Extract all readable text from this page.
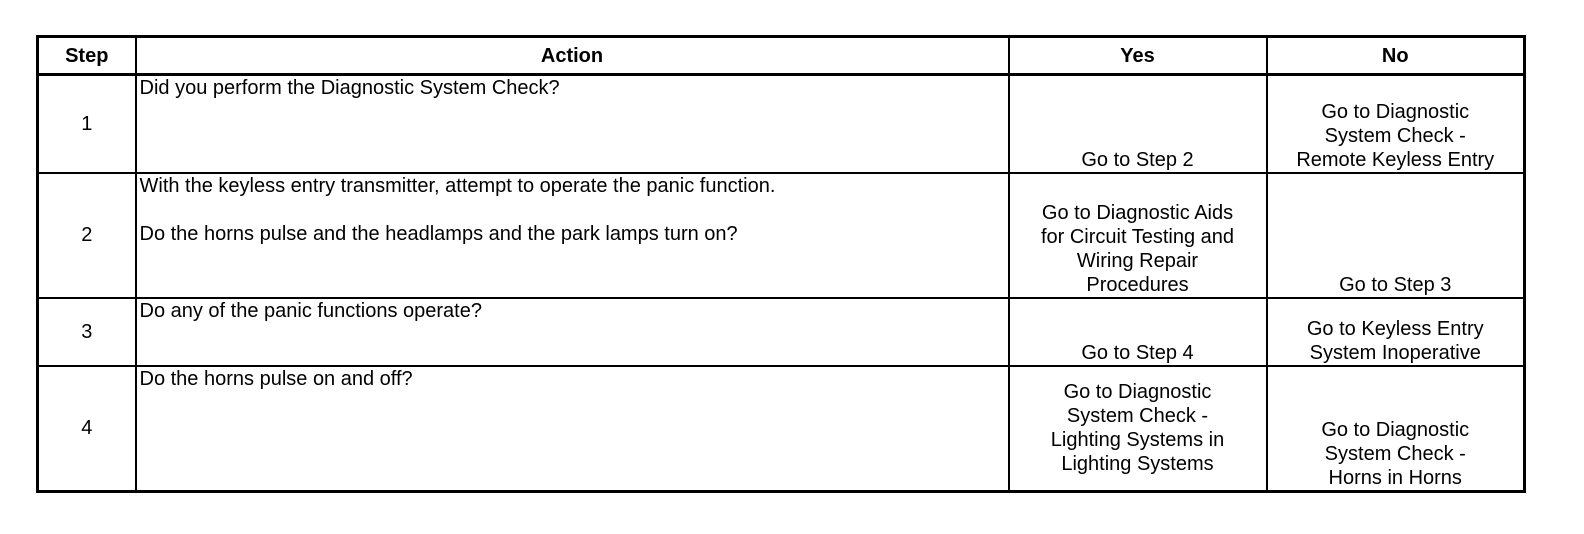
Step	Action	Yes	No
1	Did you perform the Diagnostic System Check?	Go to Step 2	Go to Diagnostic
System Check -
Remote Keyless Entry
2	With the keyless entry transmitter, attempt to operate the panic function.
Do the horns pulse and the headlamps and the park lamps turn on?	Go to Diagnostic Aids
for Circuit Testing and
Wiring Repair
Procedures	Go to Step 3
3	Do any of the panic functions operate?	Go to Step 4	Go to Keyless Entry
System Inoperative
4	Do the horns pulse on and off?	Go to Diagnostic
System Check -
Lighting Systems in
Lighting Systems	Go to Diagnostic
System Check -
Horns in Horns
